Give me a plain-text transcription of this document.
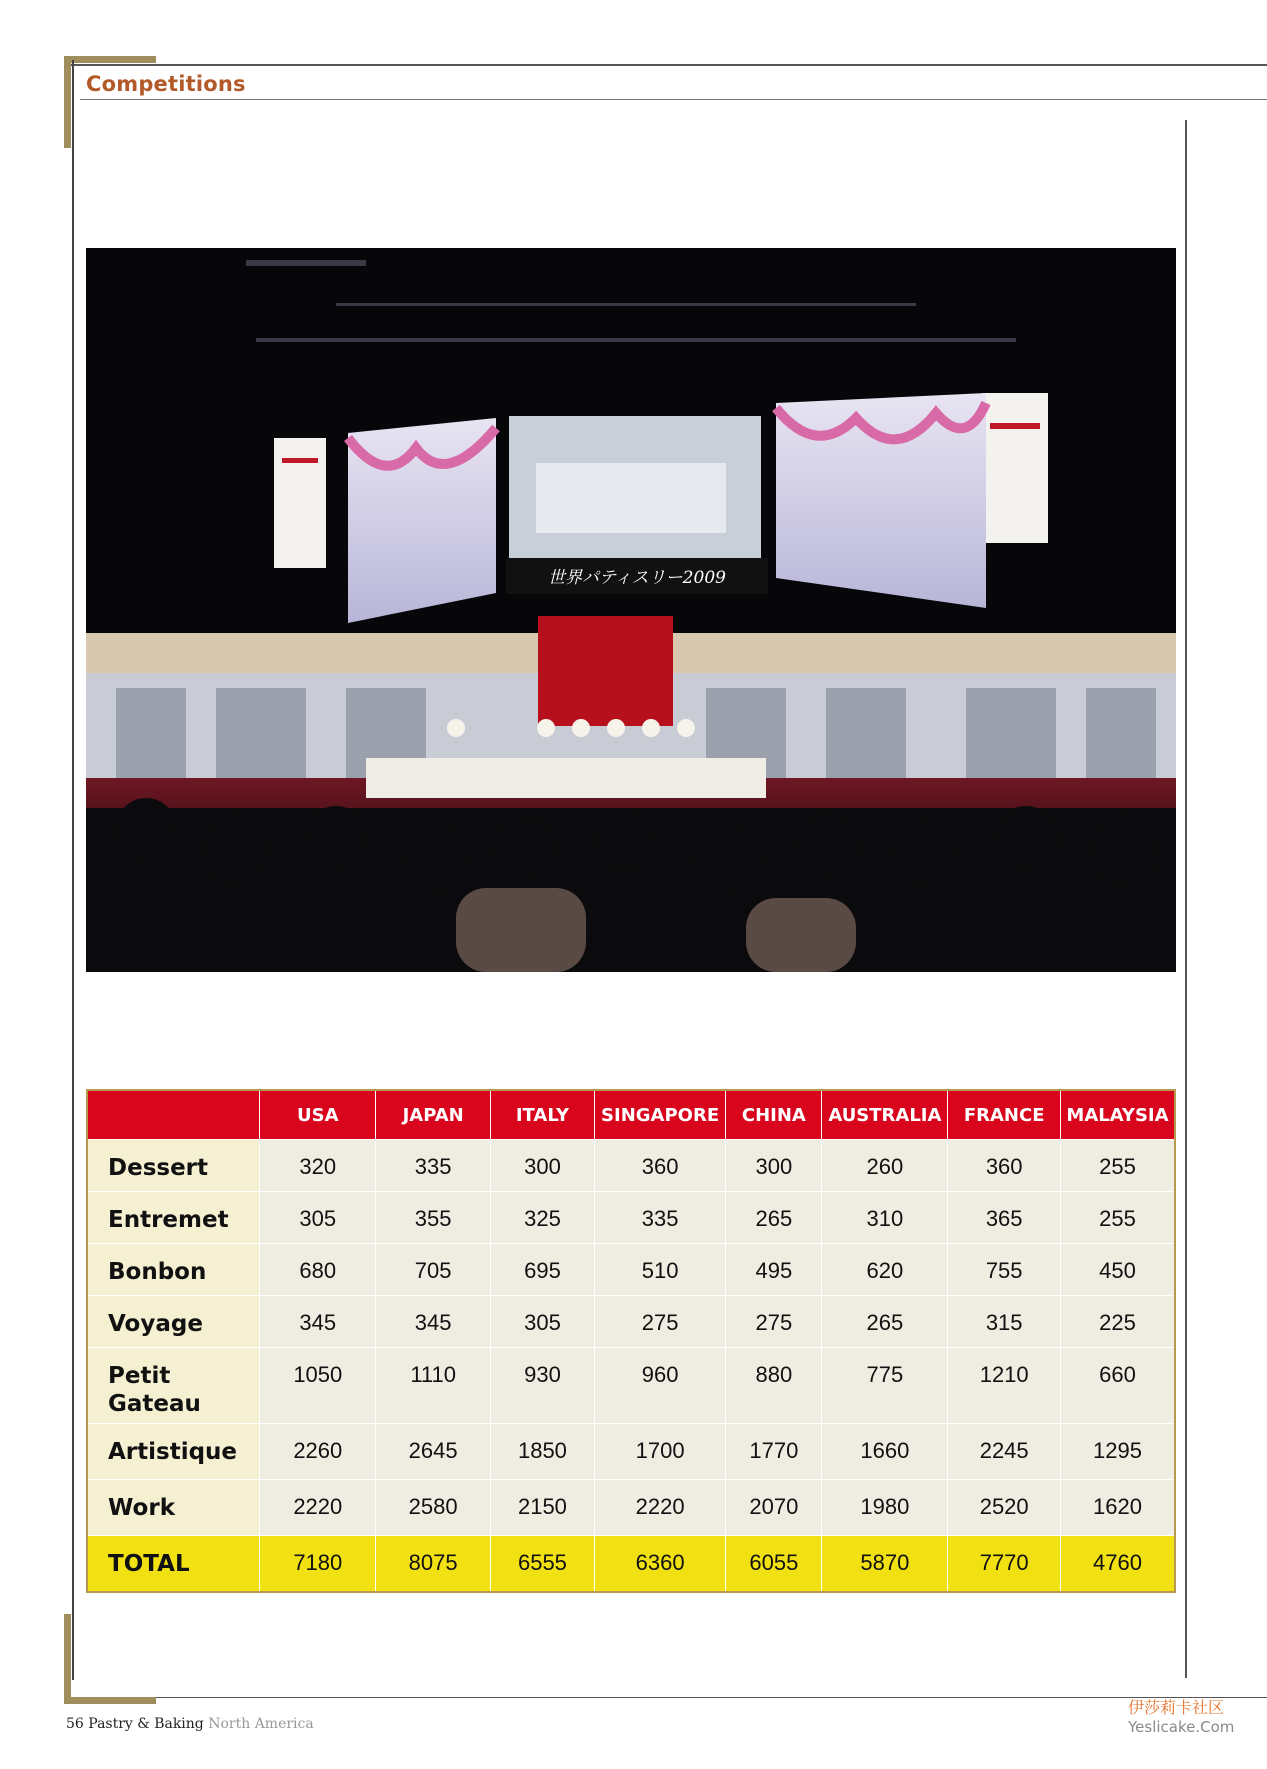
Competitions
世界パティスリー2009
	USA	JAPAN	ITALY	SINGAPORE	CHINA	AUSTRALIA	FRANCE	MALAYSIA
Dessert	320	335	300	360	300	260	360	255
Entremet	305	355	325	335	265	310	365	255
Bonbon	680	705	695	510	495	620	755	450
Voyage	345	345	305	275	275	265	315	225
Petit Gateau	1050	1110	930	960	880	775	1210	660
Artistique	2260	2645	1850	1700	1770	1660	2245	1295
Work	2220	2580	2150	2220	2070	1980	2520	1620
TOTAL	7180	8075	6555	6360	6055	5870	7770	4760
56 Pastry & Baking North America
伊莎莉卡社区
Yeslicake.Com
